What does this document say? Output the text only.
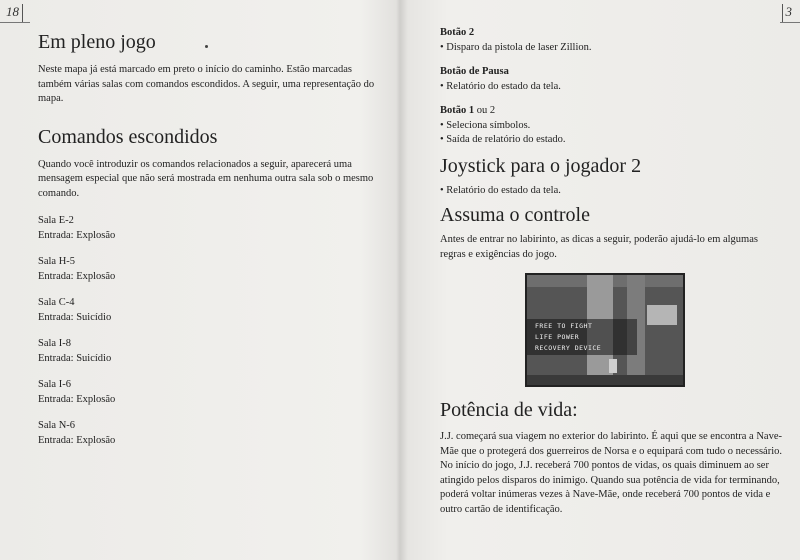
18
Em pleno jogo

Neste mapa já está marcado em preto o início do caminho. Estão marcadas também várias salas com comandos escondidos. A seguir, uma representação do mapa.

Comandos escondidos

Quando você introduzir os comandos relacionados a seguir, aparecerá uma mensagem especial que não será mostrada em nenhuma outra sala sob o mesmo comando.

Sala E-2

Entrada: Explosão

Sala H-5

Entrada: Explosão

Sala C-4

Entrada: Suicídio

Sala I-8

Entrada: Suicídio

Sala I-6

Entrada: Explosão

Sala N-6

Entrada: Explosão

3

Botão 2

• Disparo da pistola de laser Zillion.

Botão de Pausa

• Relatório do estado da tela.

Botão 1 ou 2

• Seleciona símbolos.

• Saída de relatório do estado.

Joystick para o jogador 2

• Relatório do estado da tela.

Assuma o controle

Antes de entrar no labirinto, as dicas a seguir, poderão ajudá-lo em algumas regras e exigências do jogo.

Potência de vida:

J.J. começará sua viagem no exterior do labirinto. É aqui que se encontra a Nave-Mãe que o protegerá dos guerreiros de Norsa e o equipará com tudo o necessário.

No início do jogo, J.J. receberá 700 pontos de vidas, os quais diminuem ao ser atingido pelos disparos do inimigo. Quando sua potência de vida for terminando, poderá voltar inúmeras vezes à Nave-Mãe, onde receberá 700 pontos de vida e outro cartão de identificação.

FREE TO FIGHT
LIFE POWER
RECOVERY DEVICE
